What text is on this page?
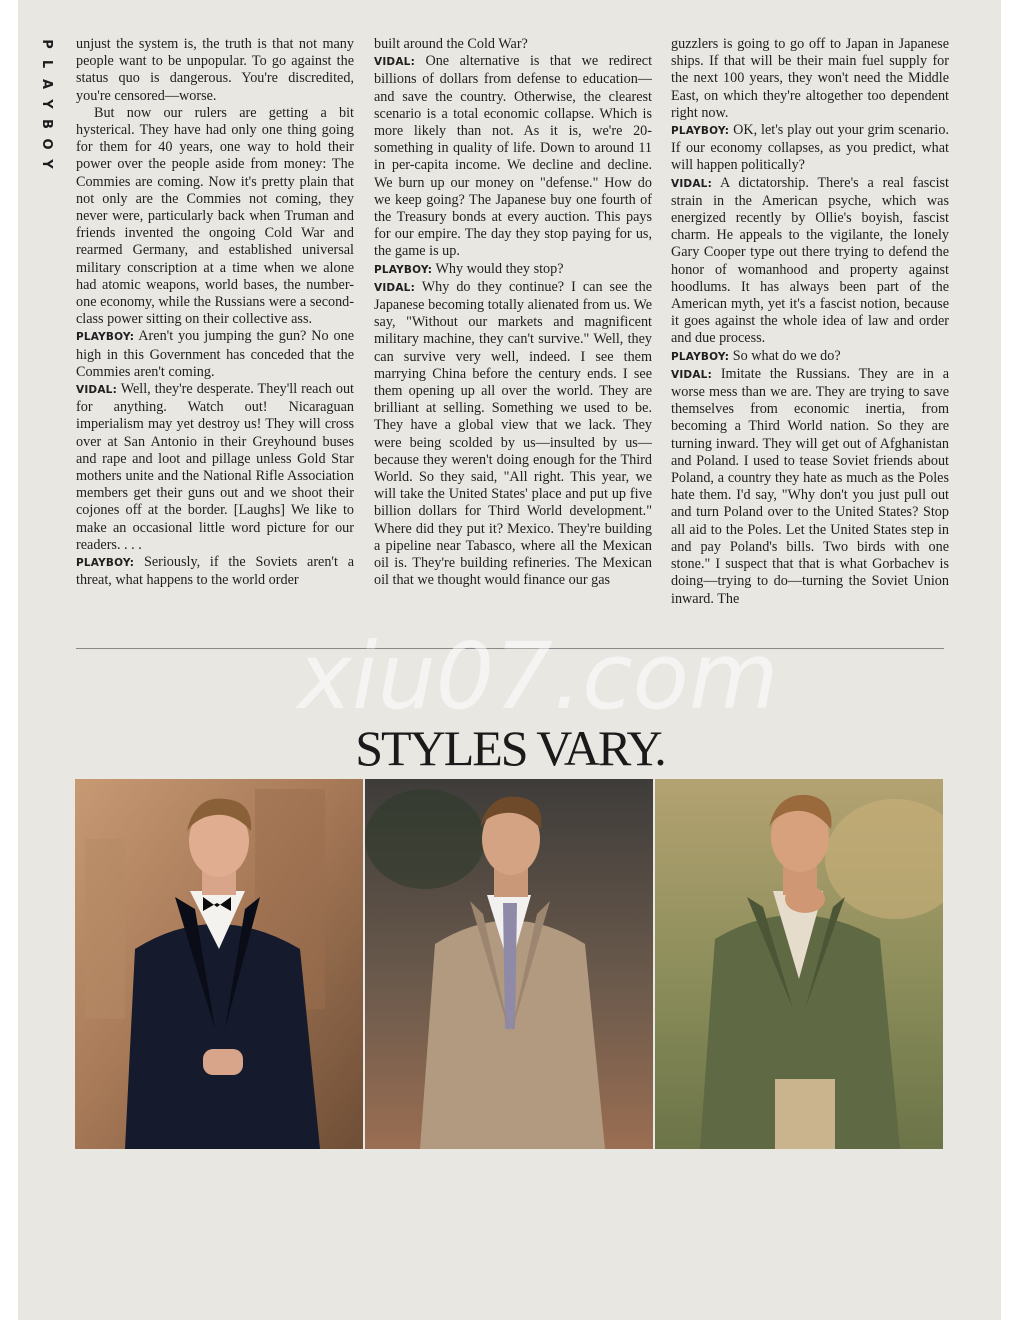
P
L
A
Y
B
O
Y

unjust the system is, the truth is that not many people want to be unpopular. To go against the status quo is dangerous. You're discredited, you're censored—worse.

But now our rulers are getting a bit hysterical. They have had only one thing going for them for 40 years, one way to hold their power over the people aside from money: The Commies are coming. Now it's pretty plain that not only are the Commies not coming, they never were, particularly back when Truman and friends invented the ongoing Cold War and rearmed Germany, and established universal military conscription at a time when we alone had atomic weapons, world bases, the number-one economy, while the Russians were a second-class power sitting on their collective ass.

PLAYBOY: Aren't you jumping the gun? No one high in this Government has conceded that the Commies aren't coming.

VIDAL: Well, they're desperate. They'll reach out for anything. Watch out! Nicaraguan imperialism may yet destroy us! They will cross over at San Antonio in their Greyhound buses and rape and loot and pillage unless Gold Star mothers unite and the National Rifle Association members get their guns out and we shoot their cojones off at the border. [Laughs] We like to make an occasional little word picture for our readers. . . .

PLAYBOY: Seriously, if the Soviets aren't a threat, what happens to the world order

built around the Cold War?

VIDAL: One alternative is that we redirect billions of dollars from defense to education—and save the country. Otherwise, the clearest scenario is a total economic collapse. Which is more likely than not. As it is, we're 20-something in quality of life. Down to around 11 in per-capita income. We decline and decline. We burn up our money on "defense." How do we keep going? The Japanese buy one fourth of the Treasury bonds at every auction. This pays for our empire. The day they stop paying for us, the game is up.

PLAYBOY: Why would they stop?

VIDAL: Why do they continue? I can see the Japanese becoming totally alienated from us. We say, "Without our markets and magnificent military machine, they can't survive." Well, they can survive very well, indeed. I see them marrying China before the century ends. I see them opening up all over the world. They are brilliant at selling. Something we used to be. They have a global view that we lack. They were being scolded by us—insulted by us—because they weren't doing enough for the Third World. So they said, "All right. This year, we will take the United States' place and put up five billion dollars for Third World development." Where did they put it? Mexico. They're building a pipeline near Tabasco, where all the Mexican oil is. They're building refineries. The Mexican oil that we thought would finance our gas

guzzlers is going to go off to Japan in Japanese ships. If that will be their main fuel supply for the next 100 years, they won't need the Middle East, on which they're altogether too dependent right now.

PLAYBOY: OK, let's play out your grim scenario. If our economy collapses, as you predict, what will happen politically?

VIDAL: A dictatorship. There's a real fascist strain in the American psyche, which was energized recently by Ollie's boyish, fascist charm. He appeals to the vigilante, the lonely Gary Cooper type out there trying to defend the honor of womanhood and property against hoodlums. It has always been part of the American myth, yet it's a fascist notion, because it goes against the whole idea of law and order and due process.

PLAYBOY: So what do we do?

VIDAL: Imitate the Russians. They are in a worse mess than we are. They are trying to save themselves from economic inertia, from becoming a Third World nation. So they are turning inward. They will get out of Afghanistan and Poland. I used to tease Soviet friends about Poland, a country they hate as much as the Poles hate them. I'd say, "Why don't you just pull out and turn Poland over to the United States? Stop all aid to the Poles. Let the United States step in and pay Poland's bills. Two birds with one stone." I suspect that that is what Gorbachev is doing—trying to do—turning the Soviet Union inward. The

STYLES VARY.
xiu07.com
